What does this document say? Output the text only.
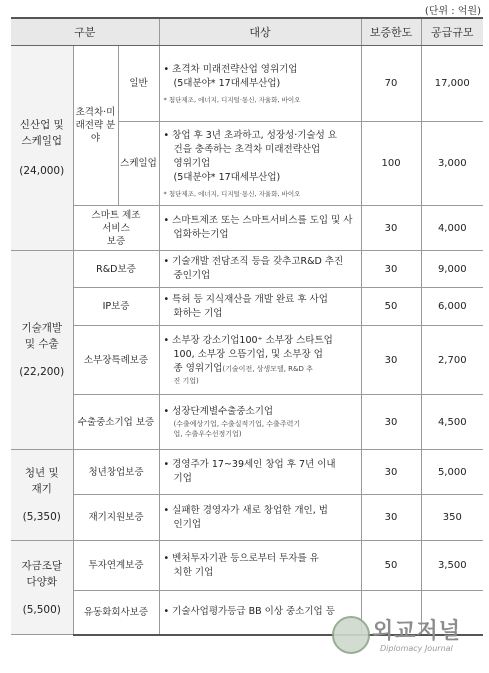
(단위 : 억원)
구분			대상	보증한도	공급규모

신산업 및
스케일업
(24,000)	초격차·미래전략 분야	일반	• 초격차 미래전략산업 영위기업
(5대분야* 17대세부산업)
* 첨단제조, 에너지, 디지털·통신, 자율화, 바이오	70	17,000
		스케일업	• 창업 후 3년 초과하고, 성장성·기술성 요
건을 충족하는 초격차 미래전략산업
영위기업
(5대분야* 17대세부산업)
* 첨단제조, 에너지, 디지털·통신, 자율화, 바이오	100	3,000

	스마트 제조
서비스
보증		• 스마트제조 또는 스마트서비스를 도입 및 사
업화하는기업	30	4,000

기술개발
및 수출
(22,200)	R&D보증		• 기술개발 전담조직 등을 갖추고R&D 추진
중인기업	30	9,000
	IP보증		• 특허 등 지식재산을 개발 완료 후 사업
화하는 기업	50	6,000
	소부장특례보증		• 소부장 강소기업100⁺ 소부장 스타트업
100, 소부장 으뜸기업, 및 소부장 업
종 영위기업(기술이전, 상생모델, R&D 추
진 기업)	30	2,700
	수출중소기업 보증		• 성장단계별수출중소기업
(수출예상기업, 수출실적기업, 수출주력기
업, 수출우수선정기업)	30	4,500

청년 및
재기
(5,350)	청년창업보증		• 경영주가 17~39세인 창업 후 7년 이내
기업	30	5,000
	재기지원보증		• 실패한 경영자가 새로 창업한 개인, 법
인기업	30	350

자금조달
다양화
(5,500)	투자연계보증		• 벤처투자기관 등으로부터 투자를 유
치한 기업	50	3,500
	유동화회사보증		• 기술사업평가등급 BB 이상 중소기업 등		

외교저널
Diplomacy Journal
